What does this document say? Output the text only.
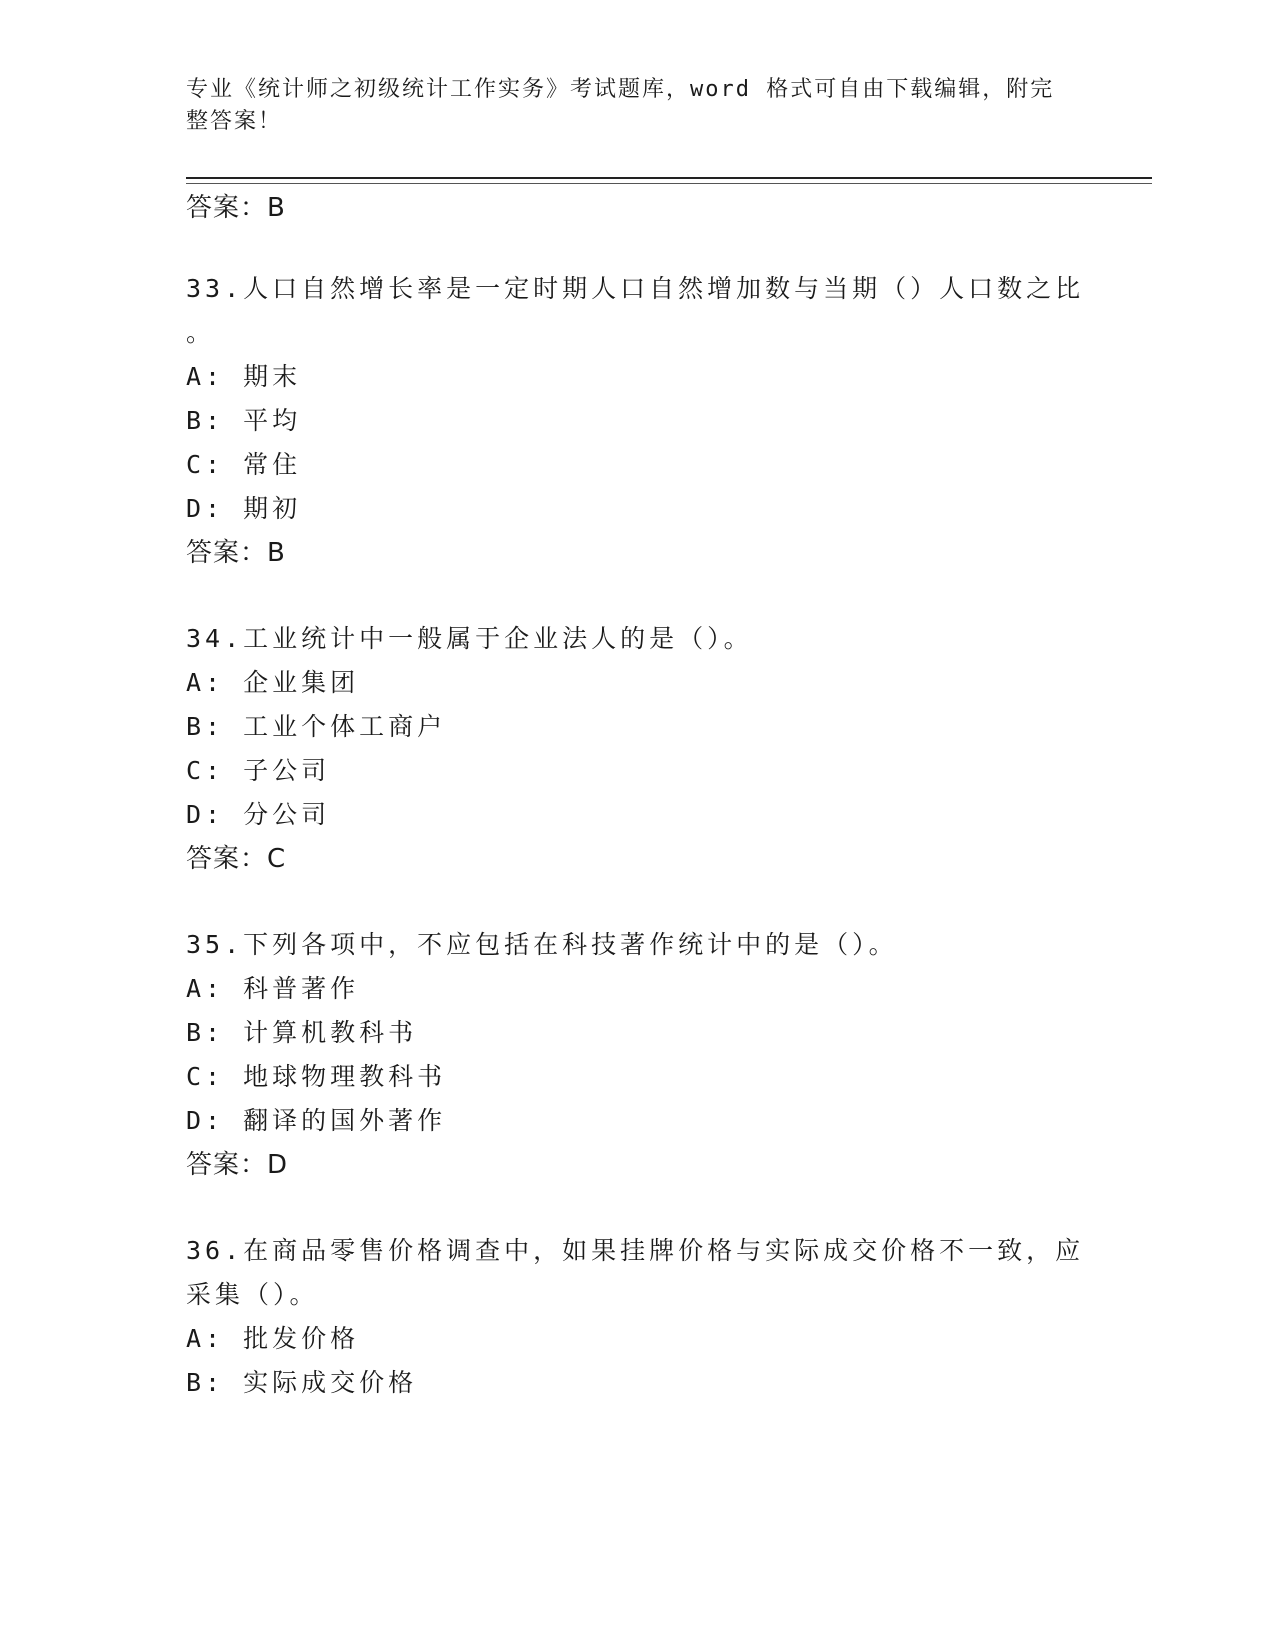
专业《统计师之初级统计工作实务》考试题库，word 格式可自由下载编辑，附完
整答案！
答案：B
33.人口自然增长率是一定时期人口自然增加数与当期（）人口数之比
。
A: 期末
B: 平均
C: 常住
D: 期初
答案：B
34.工业统计中一般属于企业法人的是（）。
A: 企业集团
B: 工业个体工商户
C: 子公司
D: 分公司
答案：C
35.下列各项中，不应包括在科技著作统计中的是（）。
A: 科普著作
B: 计算机教科书
C: 地球物理教科书
D: 翻译的国外著作
答案：D
36.在商品零售价格调查中，如果挂牌价格与实际成交价格不一致，应
采集（）。
A: 批发价格
B: 实际成交价格
